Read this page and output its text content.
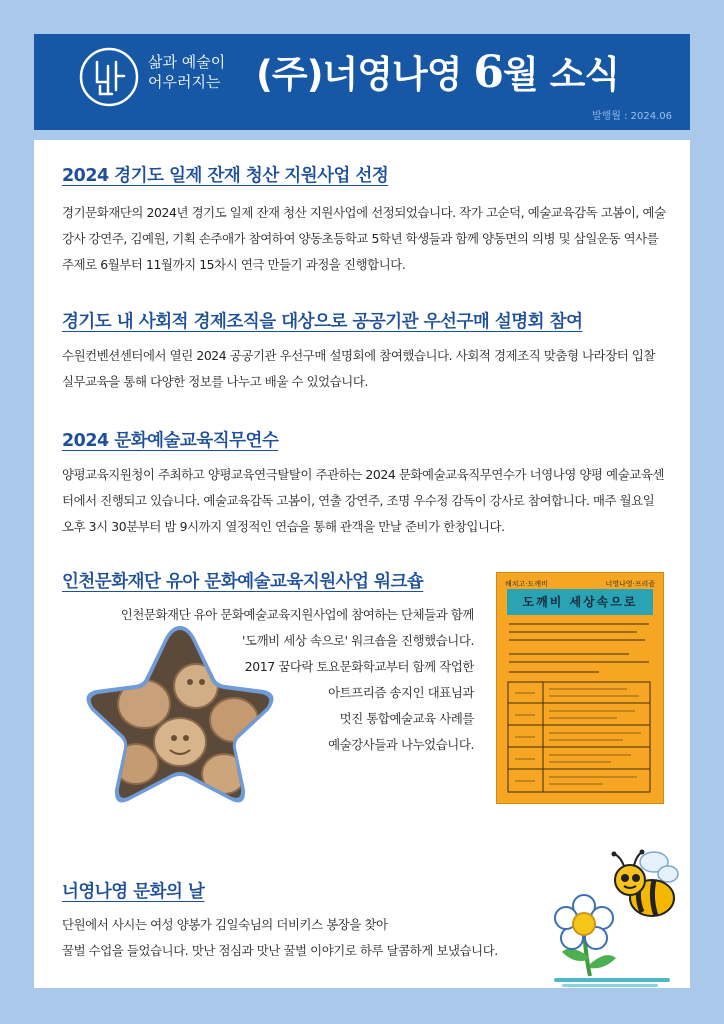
삶과 예술이
어우러지는 (주)너영나영 6월 소식
발행월 : 2024.06
2024 경기도 일제 잔재 청산 지원사업 선정
경기문화재단의 2024년 경기도 일제 잔재 청산 지원사업에 선정되었습니다. 작가 고순덕, 예술교육감독 고봄이, 예술강사 강연주, 김예원, 기획 손주애가 참여하여 양동초등학교 5학년 학생들과 함께 양동면의 의병 및 삼일운동 역사를 주제로 6월부터 11월까지 15차시 연극 만들기 과정을 진행합니다.
경기도 내 사회적 경제조직을 대상으로 공공기관 우선구매 설명회 참여
수원컨벤션센터에서 열린 2024 공공기관 우선구매 설명회에 참여했습니다. 사회적 경제조직 맞춤형 나라장터 입찰 실무교육을 통해 다양한 정보를 나누고 배울 수 있었습니다.
2024 문화예술교육직무연수
양평교육지원청이 주최하고 양평교육연극탈탈이 주관하는 2024 문화예술교육직무연수가 너영나영 양평 예술교육센터에서 진행되고 있습니다. 예술교육감독 고봄이, 연출 강연주, 조명 우수정 감독이 강사로 참여합니다. 매주 월요일 오후 3시 30분부터 밤 9시까지 열정적인 연습을 통해 관객을 만날 준비가 한창입니다.
인천문화재단 유아 문화예술교육지원사업 워크숍
인천문화재단 유아 문화예술교육지원사업에 참여하는 단체들과 함께
'도깨비 세상 속으로' 워크숍을 진행했습니다.
2017 꿈다락 토요문화학교부터 함께 작업한
아트프리즘 송지인 대표님과
멋진 통합예술교육 사례를
예술강사들과 나누었습니다.
해치고·도깨비	너영나영·프리즘
도깨비 세상속으로
너영나영 문화의 날
단원에서 사시는 여성 양봉가 김일숙님의 더비키스 봉장을 찾아
꿀벌 수업을 들었습니다. 맛난 점심과 맛난 꿀벌 이야기로 하루 달콤하게 보냈습니다.
